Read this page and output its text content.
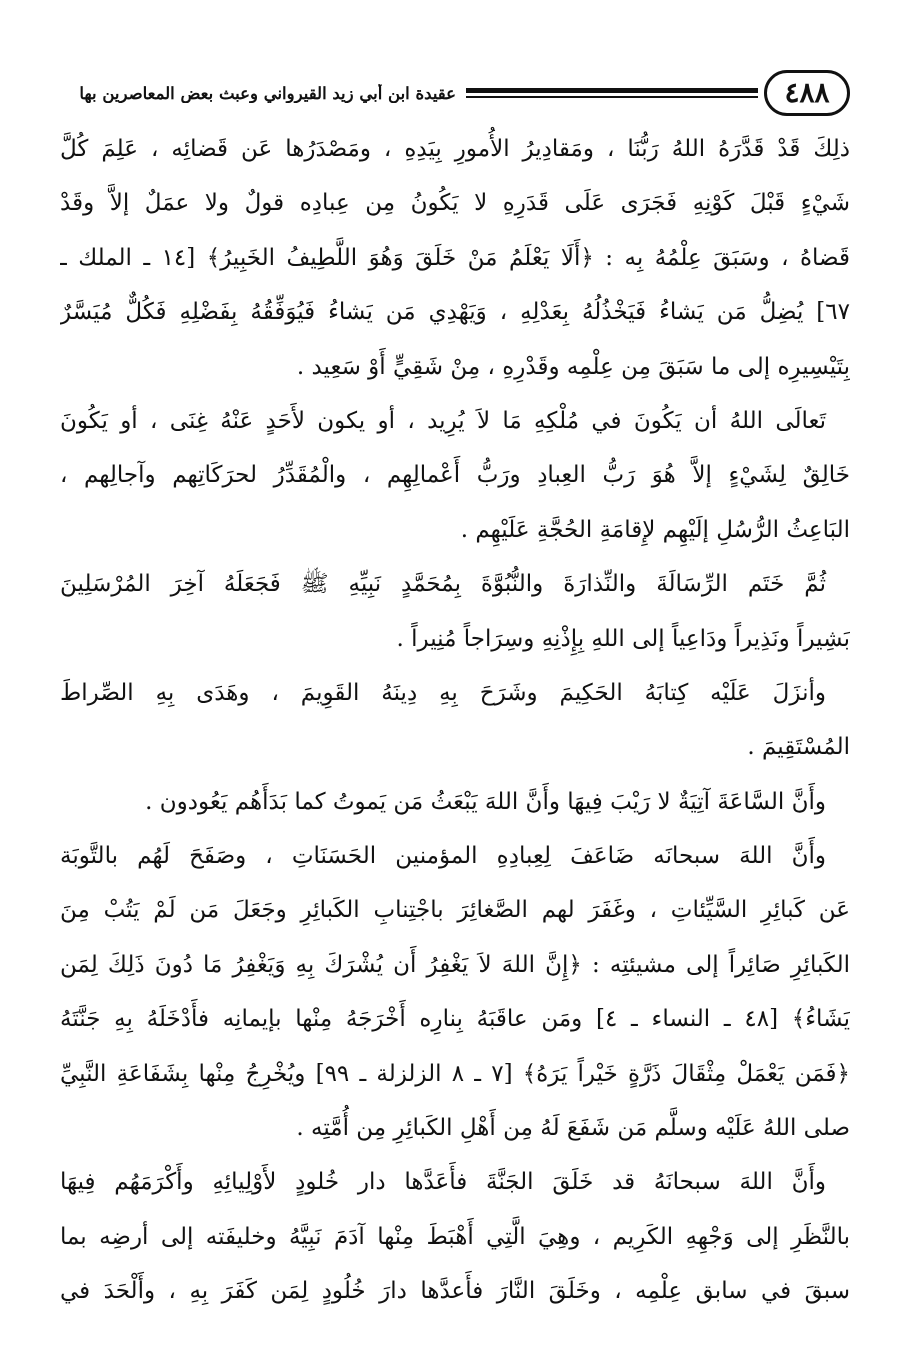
٤٨٨
عقيدة ابن أبي زيد القيرواني وعبث بعض المعاصرين بها
ذلِكَ قَدْ قَدَّرَهُ اللهُ رَبُّنَا ، ومَقادِيرُ الأُمورِ بِيَدِهِ ، ومَصْدَرُها عَن قَضائِه ، عَلِمَ كُلَّ
شَيْءٍ قَبْلَ كَوْنِهِ فَجَرَى عَلَى قَدَرِهِ لا يَكُونُ مِن عِبادِه قولٌ ولا عمَلٌ إلاَّ وقَدْ
قَضاهُ ، وسَبَقَ عِلْمُهُ بِه : ﴿أَلَا يَعْلَمُ مَنْ خَلَقَ وَهُوَ اللَّطِيفُ الخَبِيرُ﴾ [١٤ ـ الملك ـ
٦٧] يُضِلُّ مَن يَشاءُ فَيَخْذُلُهُ بِعَدْلِهِ ، وَيَهْدِي مَن يَشاءُ فَيُوَفِّقُهُ بِفَضْلِهِ فَكُلٌّ مُيَسَّرٌ
بِتَيْسِيرِه إلى ما سَبَقَ مِن عِلْمِه وقَدْرِهِ ، مِنْ شَقِيٍّ أَوْ سَعِيد .
تَعالَى اللهُ أن يَكُونَ في مُلْكِهِ مَا لاَ يُرِيد ، أو يكون لأَحَدٍ عَنْهُ غِنَى ، أو يَكُونَ
خَالِقٌ لِشَيْءٍ إلاَّ هُوَ رَبُّ العِبادِ ورَبُّ أَعْمالِهِم ، والْمُقَدِّرُ لحرَكَاتِهم وآجالِهم ،
البَاعِثُ الرُّسُلِ إلَيْهِم لإِقامَةِ الحُجَّةِ عَلَيْهِم .
ثُمَّ خَتَم الرِّسَالَةَ والنِّذارَةَ والنُّبُوَّةَ بِمُحَمَّدٍ نَبِيِّهِ ﷺ فَجَعَلَهُ آخِرَ المُرْسَلِينَ
بَشِيراً ونَذِيراً ودَاعِياً إلى اللهِ بِإِذْنِهِ وسِرَاجاً مُنِيراً .
وأنزَلَ عَلَيْه كِتابَهُ الحَكِيمَ وشَرَحَ بِهِ دِينَهُ القَوِيمَ ، وهَدَى بِهِ الصِّراطَ
المُسْتَقِيمَ .
وأَنَّ السَّاعَةَ آتِيَةٌ لا رَيْبَ فِيهَا وأَنَّ اللهَ يَبْعَثُ مَن يَموتُ كما بَدَأَهُم يَعُودون .
وأَنَّ اللهَ سبحانَه ضَاعَفَ لِعِبادِهِ المؤمنين الحَسَنَاتِ ، وصَفَحَ لَهُم بالتَّوبَة
عَن كَبائِرِ السَّيِّئاتِ ، وغَفَرَ لهم الصَّغائِرَ باجْتِنابِ الكَبائِرِ وجَعَلَ مَن لَمْ يَتُبْ مِنَ
الكَبائِرِ صَائِراً إلى مشيئتِه : ﴿إِنَّ اللهَ لاَ يَغْفِرُ أَن يُشْرَكَ بِهِ وَيَغْفِرُ مَا دُونَ ذَلِكَ لِمَن
يَشَاءُ﴾ [٤٨ ـ النساء ـ ٤] ومَن عاقَبَهُ بِنارِه أَخْرَجَهُ مِنْها بإيمانِه فأَدْخَلَهُ بِهِ جَنَّتَهُ
﴿فَمَن يَعْمَلْ مِثْقَالَ ذَرَّةٍ خَيْراً يَرَهُ﴾ [٧ ـ ٨ الزلزلة ـ ٩٩] ويُخْرِجُ مِنْها بِشَفَاعَةِ النَّبِيِّ
صلى اللهُ عَلَيْه وسلَّم مَن شَفَعَ لَهُ مِن أَهْلِ الكَبائِرِ مِن أُمَّتِه .
وأَنَّ اللهَ سبحانَهُ قد خَلَقَ الجَنَّةَ فأَعَدَّها دار خُلودٍ لأَوْلِيائِهِ وأَكْرَمَهُم فِيهَا
بالنَّظَرِ إلى وَجْهِهِ الكَرِيم ، وهِيَ الَّتِي أَهْبَطَ مِنْها آدَمَ نَبِيَّهُ وخليفَته إلى أرضِه بما
سبقَ في سابق عِلْمِه ، وخَلَقَ النَّارَ فأَعدَّها دارَ خُلُودٍ لِمَن كَفَرَ بِهِ ، وأَلْحَدَ في
